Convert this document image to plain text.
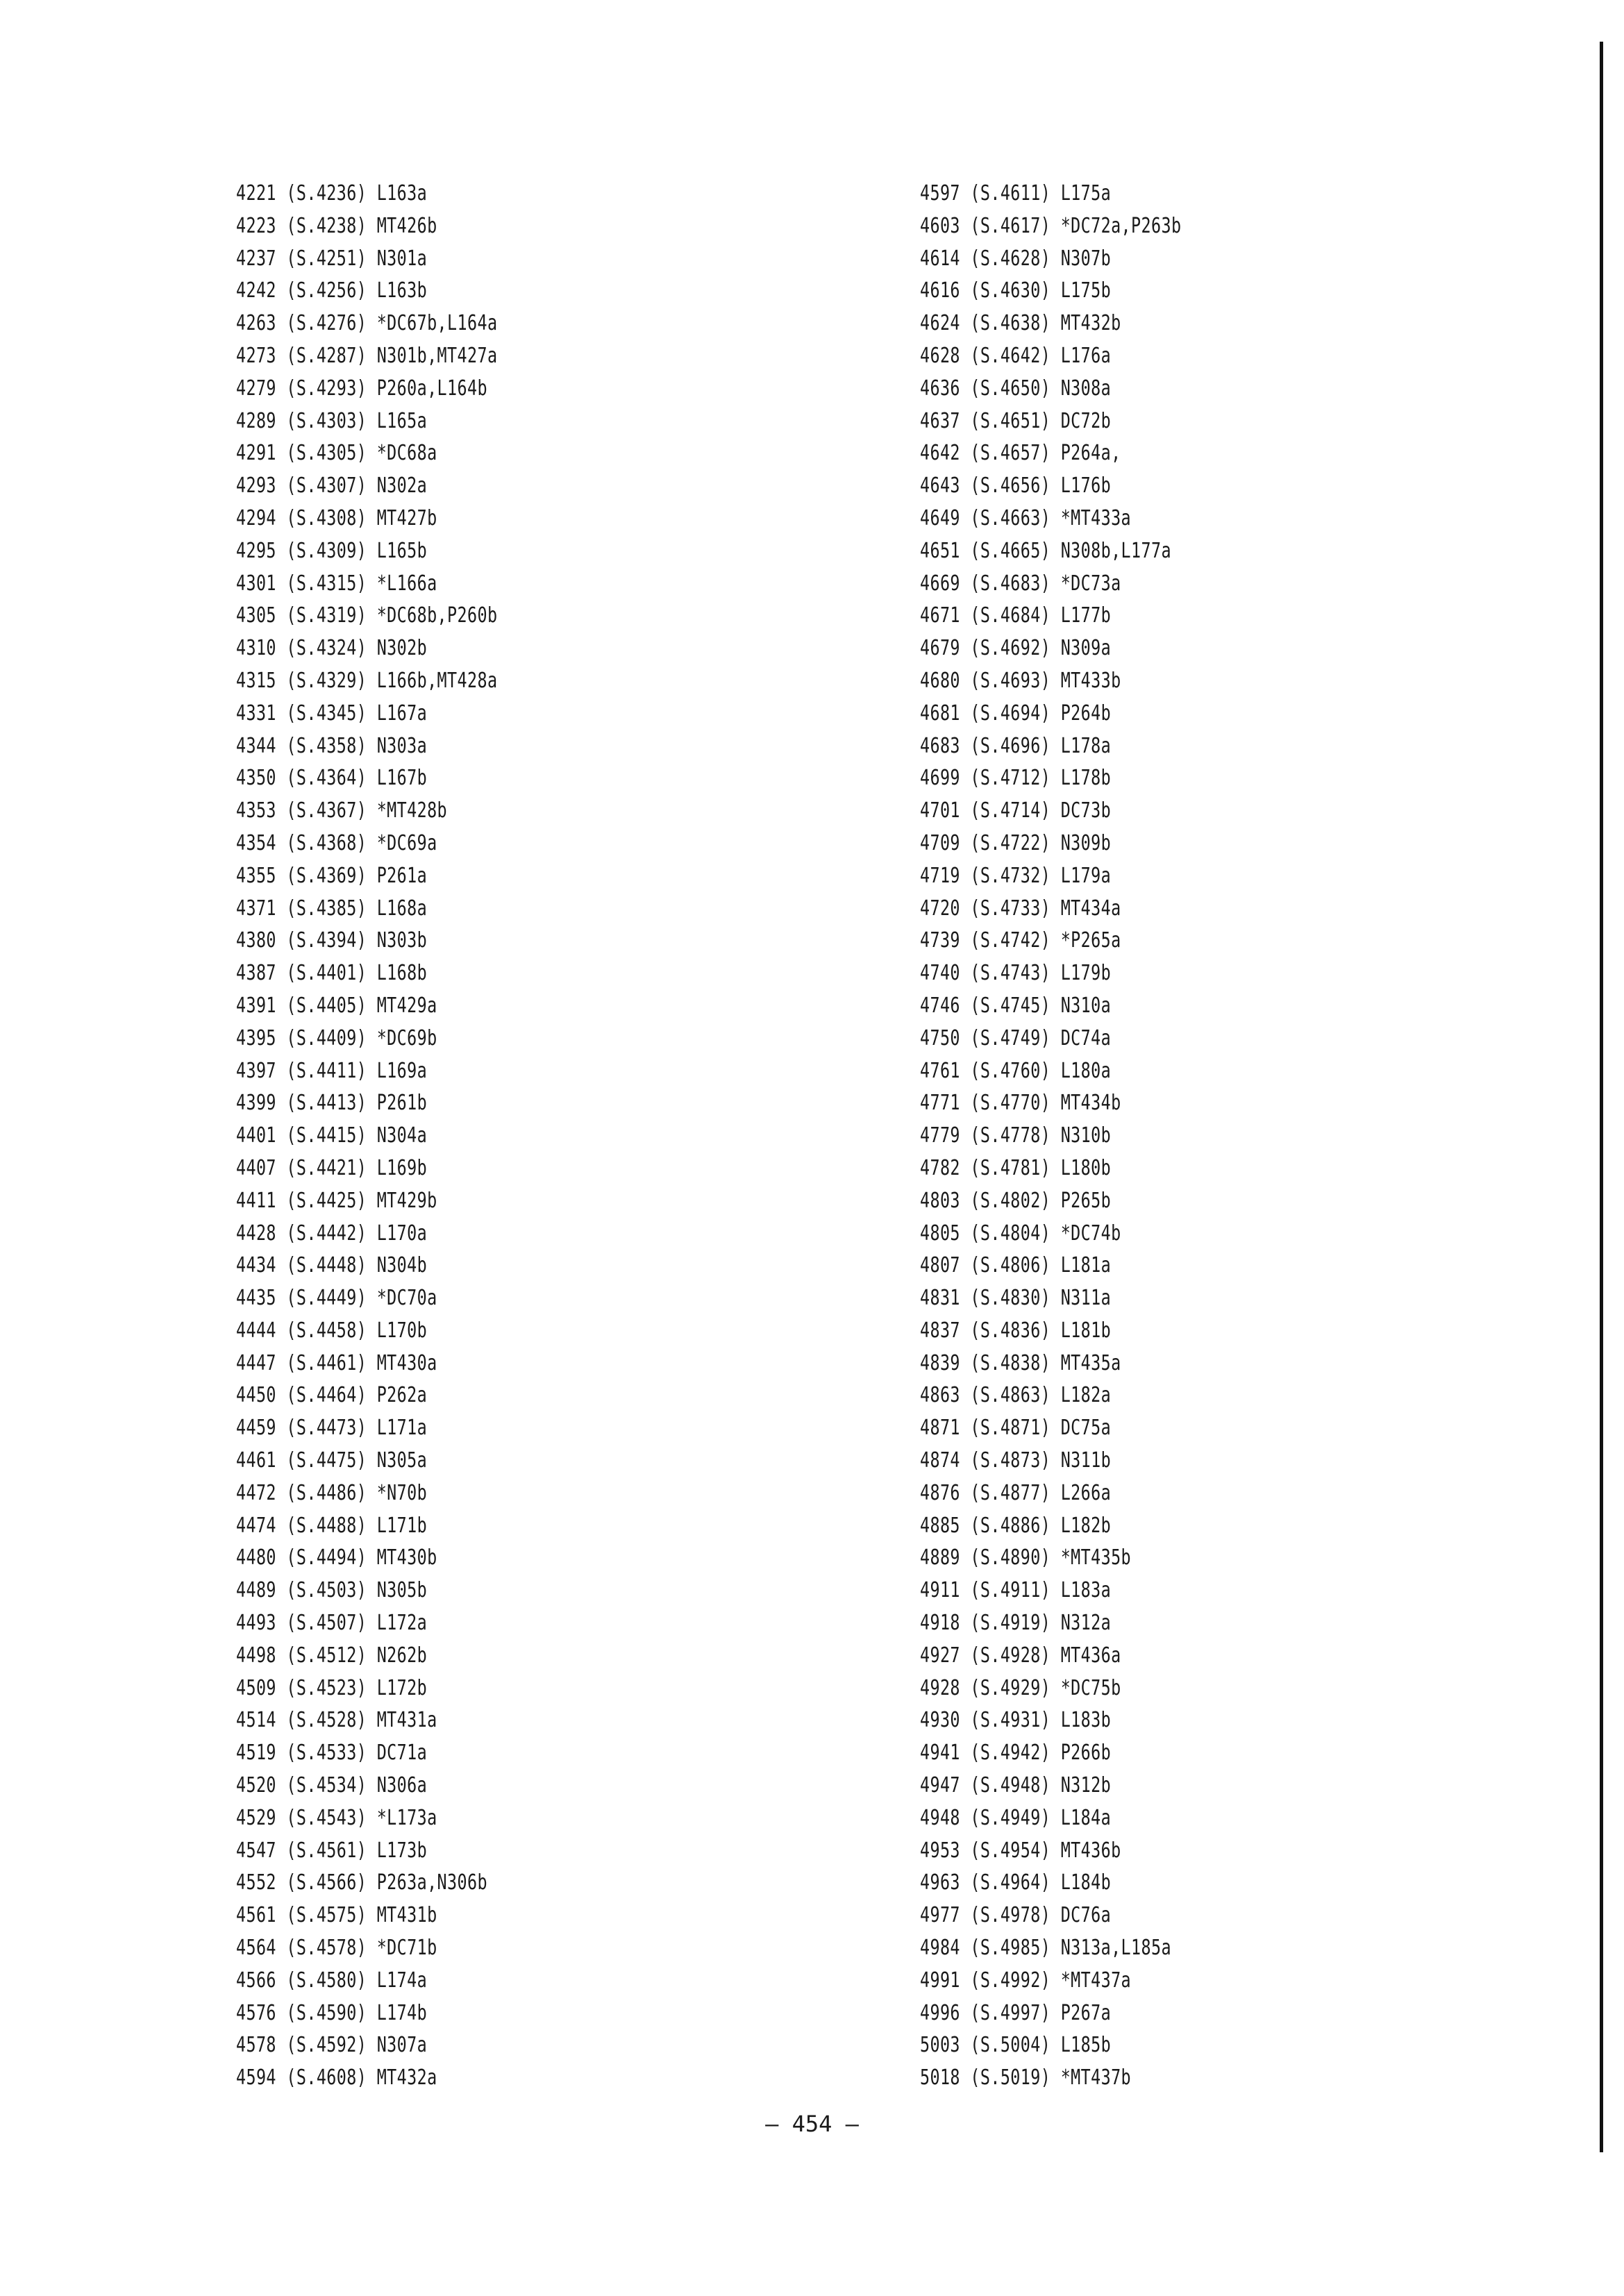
4221 (S.4236) L163a
4223 (S.4238) MT426b
4237 (S.4251) N301a
4242 (S.4256) L163b
4263 (S.4276) *DC67b,L164a
4273 (S.4287) N301b,MT427a
4279 (S.4293) P260a,L164b
4289 (S.4303) L165a
4291 (S.4305) *DC68a
4293 (S.4307) N302a
4294 (S.4308) MT427b
4295 (S.4309) L165b
4301 (S.4315) *L166a
4305 (S.4319) *DC68b,P260b
4310 (S.4324) N302b
4315 (S.4329) L166b,MT428a
4331 (S.4345) L167a
4344 (S.4358) N303a
4350 (S.4364) L167b
4353 (S.4367) *MT428b
4354 (S.4368) *DC69a
4355 (S.4369) P261a
4371 (S.4385) L168a
4380 (S.4394) N303b
4387 (S.4401) L168b
4391 (S.4405) MT429a
4395 (S.4409) *DC69b
4397 (S.4411) L169a
4399 (S.4413) P261b
4401 (S.4415) N304a
4407 (S.4421) L169b
4411 (S.4425) MT429b
4428 (S.4442) L170a
4434 (S.4448) N304b
4435 (S.4449) *DC70a
4444 (S.4458) L170b
4447 (S.4461) MT430a
4450 (S.4464) P262a
4459 (S.4473) L171a
4461 (S.4475) N305a
4472 (S.4486) *N70b
4474 (S.4488) L171b
4480 (S.4494) MT430b
4489 (S.4503) N305b
4493 (S.4507) L172a
4498 (S.4512) N262b
4509 (S.4523) L172b
4514 (S.4528) MT431a
4519 (S.4533) DC71a
4520 (S.4534) N306a
4529 (S.4543) *L173a
4547 (S.4561) L173b
4552 (S.4566) P263a,N306b
4561 (S.4575) MT431b
4564 (S.4578) *DC71b
4566 (S.4580) L174a
4576 (S.4590) L174b
4578 (S.4592) N307a
4594 (S.4608) MT432a
4597 (S.4611) L175a
4603 (S.4617) *DC72a,P263b
4614 (S.4628) N307b
4616 (S.4630) L175b
4624 (S.4638) MT432b
4628 (S.4642) L176a
4636 (S.4650) N308a
4637 (S.4651) DC72b
4642 (S.4657) P264a,
4643 (S.4656) L176b
4649 (S.4663) *MT433a
4651 (S.4665) N308b,L177a
4669 (S.4683) *DC73a
4671 (S.4684) L177b
4679 (S.4692) N309a
4680 (S.4693) MT433b
4681 (S.4694) P264b
4683 (S.4696) L178a
4699 (S.4712) L178b
4701 (S.4714) DC73b
4709 (S.4722) N309b
4719 (S.4732) L179a
4720 (S.4733) MT434a
4739 (S.4742) *P265a
4740 (S.4743) L179b
4746 (S.4745) N310a
4750 (S.4749) DC74a
4761 (S.4760) L180a
4771 (S.4770) MT434b
4779 (S.4778) N310b
4782 (S.4781) L180b
4803 (S.4802) P265b
4805 (S.4804) *DC74b
4807 (S.4806) L181a
4831 (S.4830) N311a
4837 (S.4836) L181b
4839 (S.4838) MT435a
4863 (S.4863) L182a
4871 (S.4871) DC75a
4874 (S.4873) N311b
4876 (S.4877) L266a
4885 (S.4886) L182b
4889 (S.4890) *MT435b
4911 (S.4911) L183a
4918 (S.4919) N312a
4927 (S.4928) MT436a
4928 (S.4929) *DC75b
4930 (S.4931) L183b
4941 (S.4942) P266b
4947 (S.4948) N312b
4948 (S.4949) L184a
4953 (S.4954) MT436b
4963 (S.4964) L184b
4977 (S.4978) DC76a
4984 (S.4985) N313a,L185a
4991 (S.4992) *MT437a
4996 (S.4997) P267a
5003 (S.5004) L185b
5018 (S.5019) *MT437b
— 454 —
